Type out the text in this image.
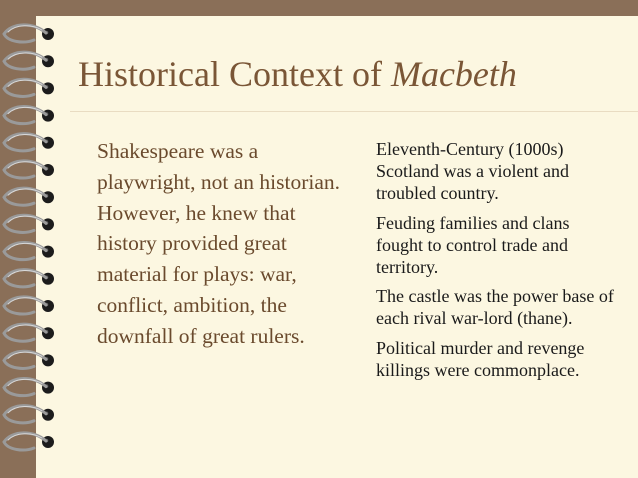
Historical Context of Macbeth
Shakespeare was a playwright, not an historian. However, he knew that history provided great material for plays: war, conflict, ambition, the downfall of great rulers.
Eleventh-Century (1000s) Scotland was a violent and troubled country.
Feuding families and clans fought to control trade and territory.
The castle was the power base of each rival war-lord (thane).
Political murder and revenge killings were commonplace.
